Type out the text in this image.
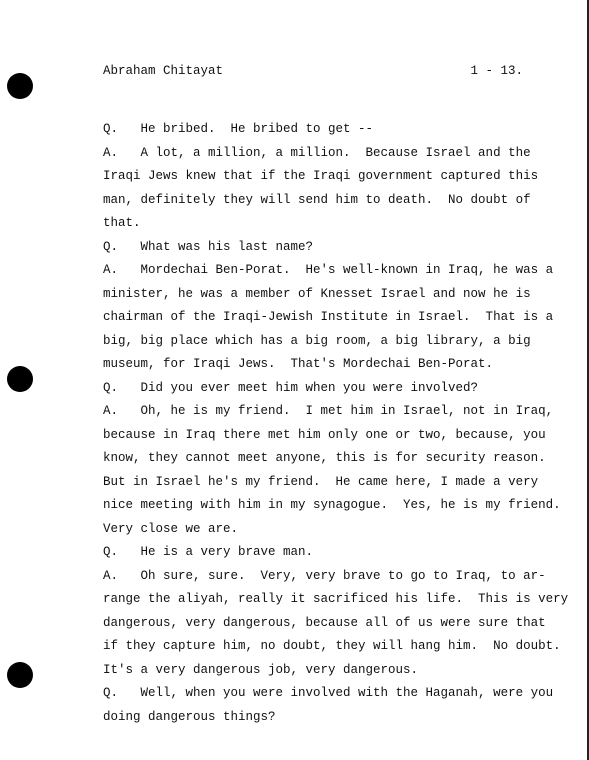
Abraham Chitayat	1 - 13.
Q.   He bribed.  He bribed to get --
A.   A lot, a million, a million.  Because Israel and the
Iraqi Jews knew that if the Iraqi government captured this
man, definitely they will send him to death.  No doubt of
that.
Q.   What was his last name?
A.   Mordechai Ben-Porat.  He's well-known in Iraq, he was a
minister, he was a member of Knesset Israel and now he is
chairman of the Iraqi-Jewish Institute in Israel.  That is a
big, big place which has a big room, a big library, a big
museum, for Iraqi Jews.  That's Mordechai Ben-Porat.
Q.   Did you ever meet him when you were involved?
A.   Oh, he is my friend.  I met him in Israel, not in Iraq,
because in Iraq there met him only one or two, because, you
know, they cannot meet anyone, this is for security reason.
But in Israel he's my friend.  He came here, I made a very
nice meeting with him in my synagogue.  Yes, he is my friend.
Very close we are.
Q.   He is a very brave man.
A.   Oh sure, sure.  Very, very brave to go to Iraq, to ar-
range the aliyah, really it sacrificed his life.  This is very
dangerous, very dangerous, because all of us were sure that
if they capture him, no doubt, they will hang him.  No doubt.
It's a very dangerous job, very dangerous.
Q.   Well, when you were involved with the Haganah, were you
doing dangerous things?
